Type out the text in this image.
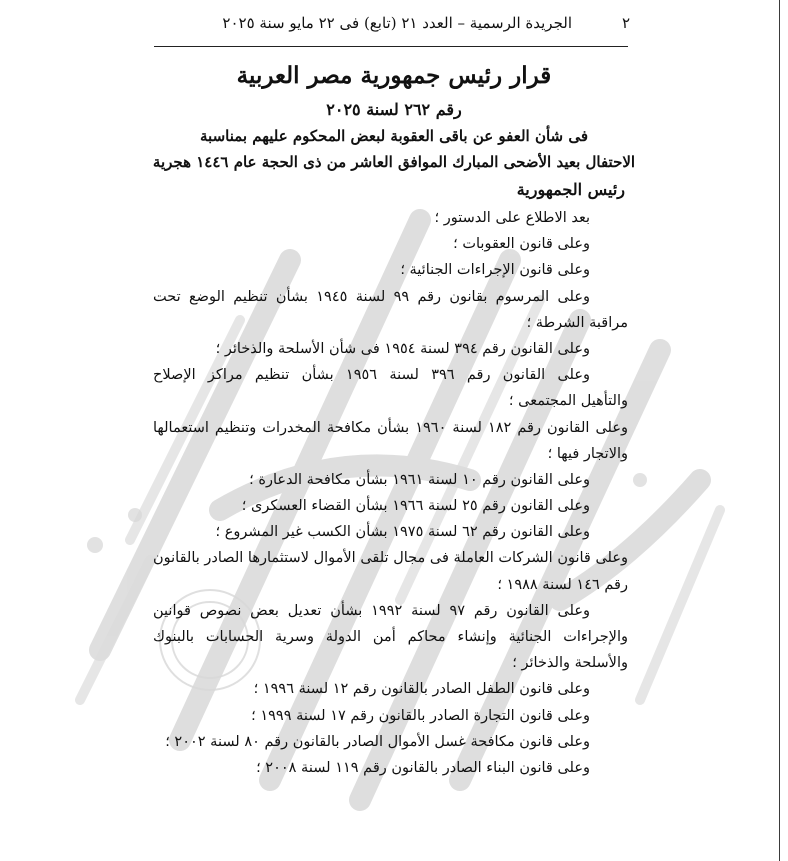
٢
الجريدة الرسمية – العدد ٢١ (تابع) فى ٢٢ مايو سنة ٢٠٢٥
قرار رئيس جمهورية مصر العربية
رقم ٢٦٢ لسنة ٢٠٢٥
فى شأن العفو عن باقى العقوبة لبعض المحكوم عليهم بمناسبة
الاحتفال بعيد الأضحى المبارك الموافق العاشر من ذى الحجة عام ١٤٤٦ هجرية
رئيس الجمهورية
بعد الاطلاع على الدستور ؛
وعلى قانون العقوبات ؛
وعلى قانون الإجراءات الجنائية ؛
وعلى المرسوم بقانون رقم ٩٩ لسنة ١٩٤٥ بشأن تنظيم الوضع تحت
مراقبة الشرطة ؛
وعلى القانون رقم ٣٩٤ لسنة ١٩٥٤ فى شأن الأسلحة والذخائر ؛
وعلى القانون رقم ٣٩٦ لسنة ١٩٥٦ بشأن تنظيم مراكز الإصلاح
والتأهيل المجتمعى ؛
وعلى القانون رقم ١٨٢ لسنة ١٩٦٠ بشأن مكافحة المخدرات وتنظيم استعمالها
والاتجار فيها ؛
وعلى القانون رقم ١٠ لسنة ١٩٦١ بشأن مكافحة الدعارة ؛
وعلى القانون رقم ٢٥ لسنة ١٩٦٦ بشأن القضاء العسكرى ؛
وعلى القانون رقم ٦٢ لسنة ١٩٧٥ بشأن الكسب غير المشروع ؛
وعلى قانون الشركات العاملة فى مجال تلقى الأموال لاستثمارها الصادر بالقانون
رقم ١٤٦ لسنة ١٩٨٨ ؛
وعلى القانون رقم ٩٧ لسنة ١٩٩٢ بشأن تعديل بعض نصوص قوانين
والإجراءات الجنائية وإنشاء محاكم أمن الدولة وسرية الحسابات بالبنوك
والأسلحة والذخائر ؛
وعلى قانون الطفل الصادر بالقانون رقم ١٢ لسنة ١٩٩٦ ؛
وعلى قانون التجارة الصادر بالقانون رقم ١٧ لسنة ١٩٩٩ ؛
وعلى قانون مكافحة غسل الأموال الصادر بالقانون رقم ٨٠ لسنة ٢٠٠٢ ؛
وعلى قانون البناء الصادر بالقانون رقم ١١٩ لسنة ٢٠٠٨ ؛
